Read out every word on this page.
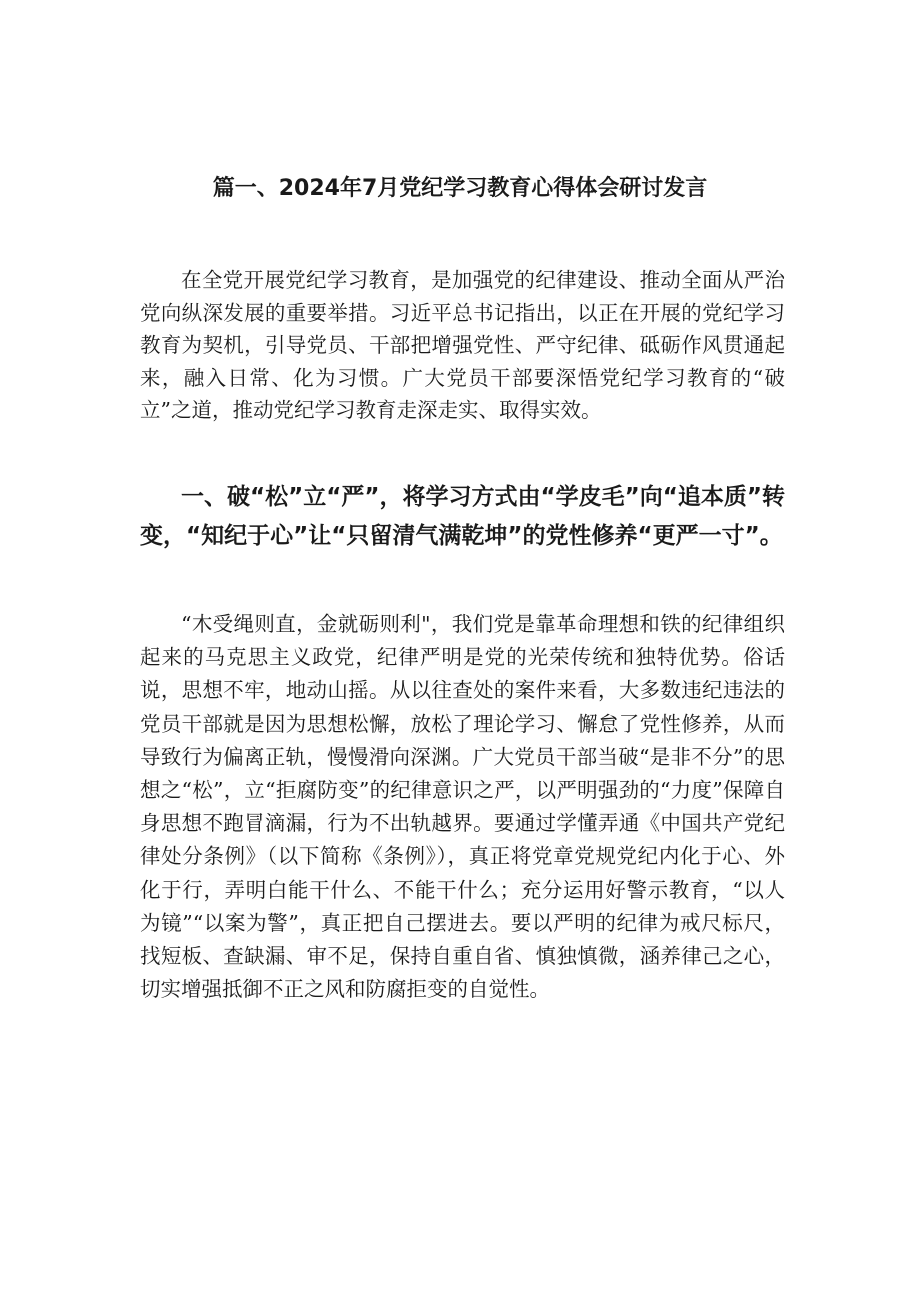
篇一、2024年7月党纪学习教育心得体会研讨发言

在全党开展党纪学习教育，是加强党的纪律建设、推动全面从严治党向纵深发展的重要举措。习近平总书记指出，以正在开展的党纪学习教育为契机，引导党员、干部把增强党性、严守纪律、砥砺作风贯通起来，融入日常、化为习惯。广大党员干部要深悟党纪学习教育的“破立”之道，推动党纪学习教育走深走实、取得实效。

一、破“松”立“严”，将学习方式由“学皮毛”向“追本质”转变，“知纪于心”让“只留清气满乾坤”的党性修养“更严一寸”。

“木受绳则直，金就砺则利"，我们党是靠革命理想和铁的纪律组织起来的马克思主义政党，纪律严明是党的光荣传统和独特优势。俗话说，思想不牢，地动山摇。从以往查处的案件来看，大多数违纪违法的党员干部就是因为思想松懈，放松了理论学习、懈怠了党性修养，从而导致行为偏离正轨，慢慢滑向深渊。广大党员干部当破“是非不分”的思想之“松”，立“拒腐防变”的纪律意识之严，以严明强劲的“力度”保障自身思想不跑冒滴漏，行为不出轨越界。要通过学懂弄通《中国共产党纪律处分条例》（以下简称《条例》），真正将党章党规党纪内化于心、外化于行，弄明白能干什么、不能干什么；充分运用好警示教育，“以人为镜”“以案为警”，真正把自己摆进去。要以严明的纪律为戒尺标尺，找短板、查缺漏、审不足，保持自重自省、慎独慎微，涵养律己之心，切实增强抵御不正之风和防腐拒变的自觉性。
